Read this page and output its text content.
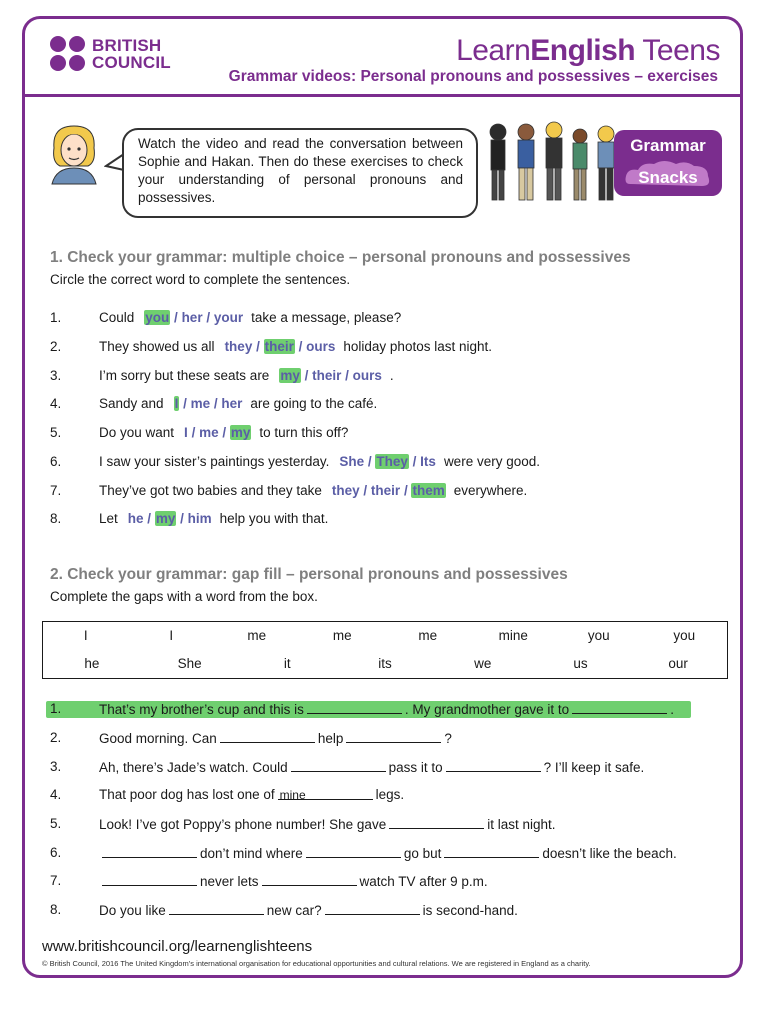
BRITISH
COUNCIL	LearnEnglish Teens
Grammar videos: Personal pronouns and possessives – exercises
Watch the video and read the conversation between Sophie and Hakan. Then do these exercises to check your understanding of personal pronouns and possessives.
Grammar
Snacks
1. Check your grammar: multiple choice – personal pronouns and possessives
Circle the correct word to complete the sentences.
1.	Could you / her / your take a message, please?
2.	They showed us all they / their / ours holiday photos last night.
3.	I’m sorry but these seats are my / their / ours .
4.	Sandy and I / me / her are going to the café.
5.	Do you want I / me / my to turn this off?
6.	I saw your sister’s paintings yesterday. She / They / Its were very good.
7.	They’ve got two babies and they take they / their / them everywhere.
8.	Let he / my / him help you with that.
2. Check your grammar: gap fill – personal pronouns and possessives
Complete the gaps with a word from the box.
I	I	me	me	me	mine	you	you
he	She	it	its	we	us	our
1.	That’s my brother’s cup and this is	. My grandmother gave it to	.
2.	Good morning. Can	help	?
3.	Ah, there’s Jade’s watch. Could	pass it to	? I’ll keep it safe.
4.	That poor dog has lost one of mine	legs.
5.	Look! I’ve got Poppy’s phone number! She gave	it last night.
6.	don’t mind where	go but	doesn’t like the beach.
7.	never lets	watch TV after 9 p.m.
8.	Do you like	new car?	is second-hand.
www.britishcouncil.org/learnenglishteens
© British Council, 2016 The United Kingdom’s international organisation for educational opportunities and cultural relations. We are registered in England as a charity.
